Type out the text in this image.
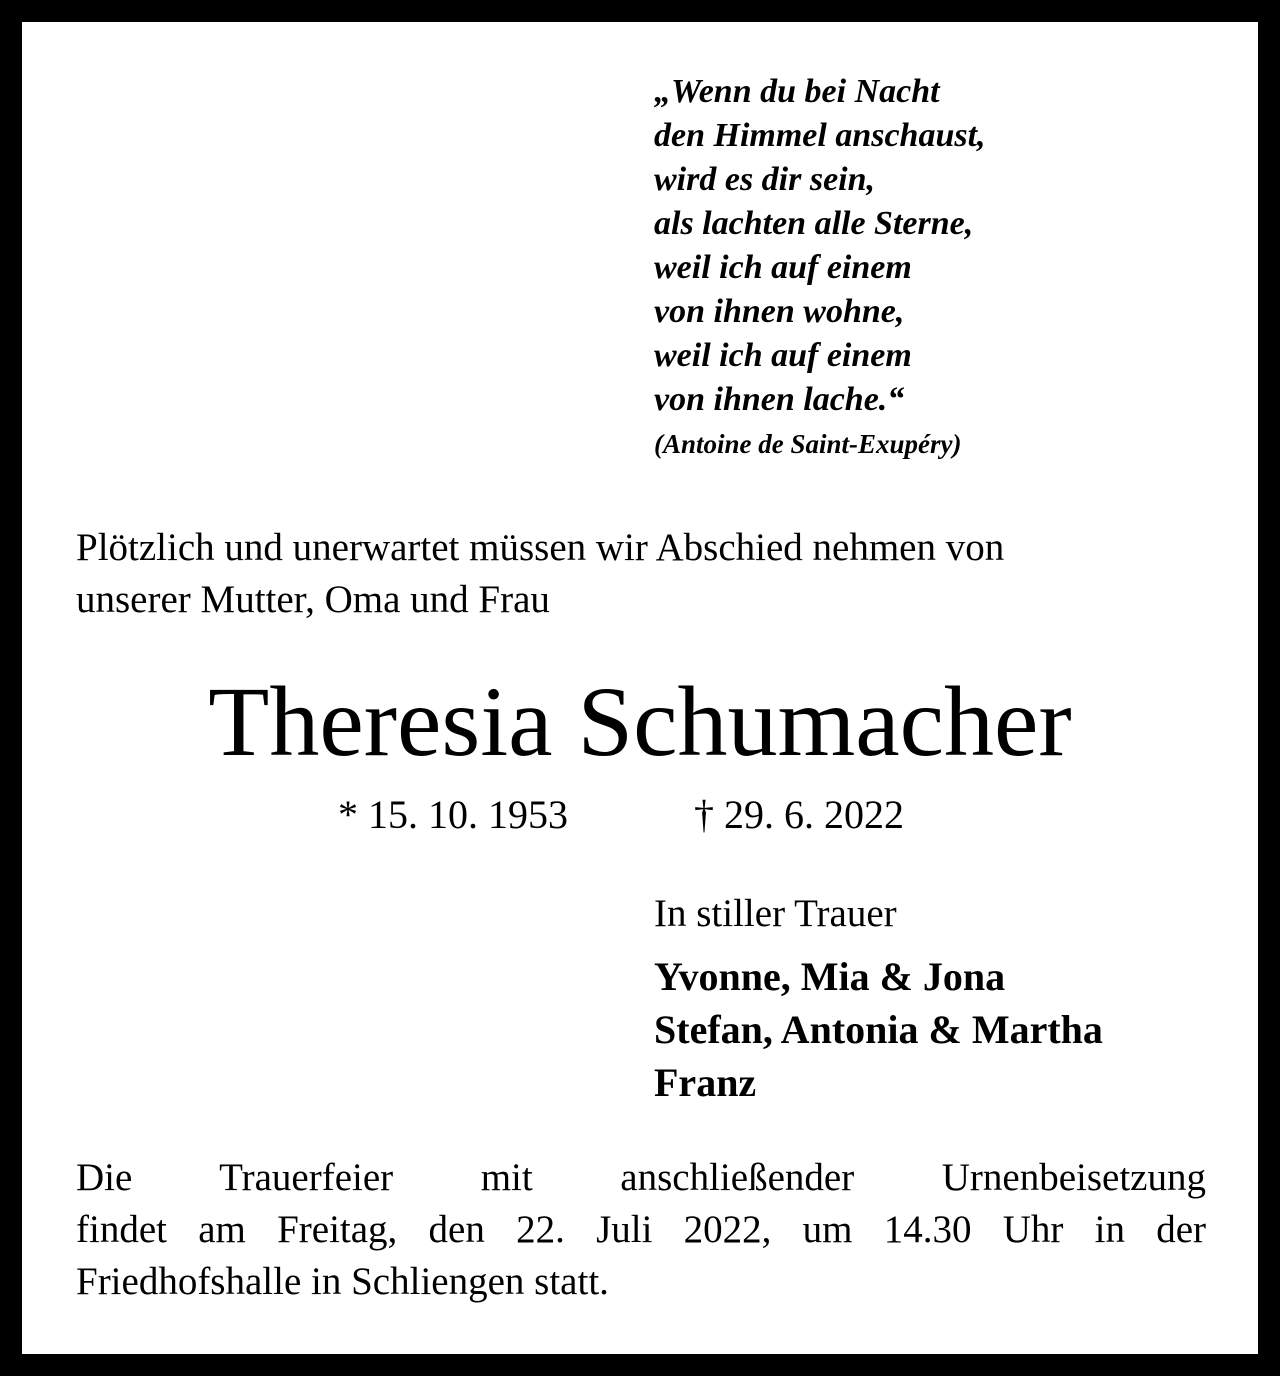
„Wenn du bei Nacht
den Himmel anschaust,
wird es dir sein,
als lachten alle Sterne,
weil ich auf einem
von ihnen wohne,
weil ich auf einem
von ihnen lache.“
(Antoine de Saint-Exupéry)
Plötzlich und unerwartet müssen wir Abschied nehmen von
unserer Mutter, Oma und Frau
Theresia Schumacher
* 15. 10. 1953	† 29. 6. 2022
In stiller Trauer
Yvonne, Mia & Jona
Stefan, Antonia & Martha
Franz
Die Trauerfeier mit anschließender Urnenbeisetzung
findet am Freitag, den 22. Juli 2022, um 14.30 Uhr in der
Friedhofshalle in Schliengen statt.
